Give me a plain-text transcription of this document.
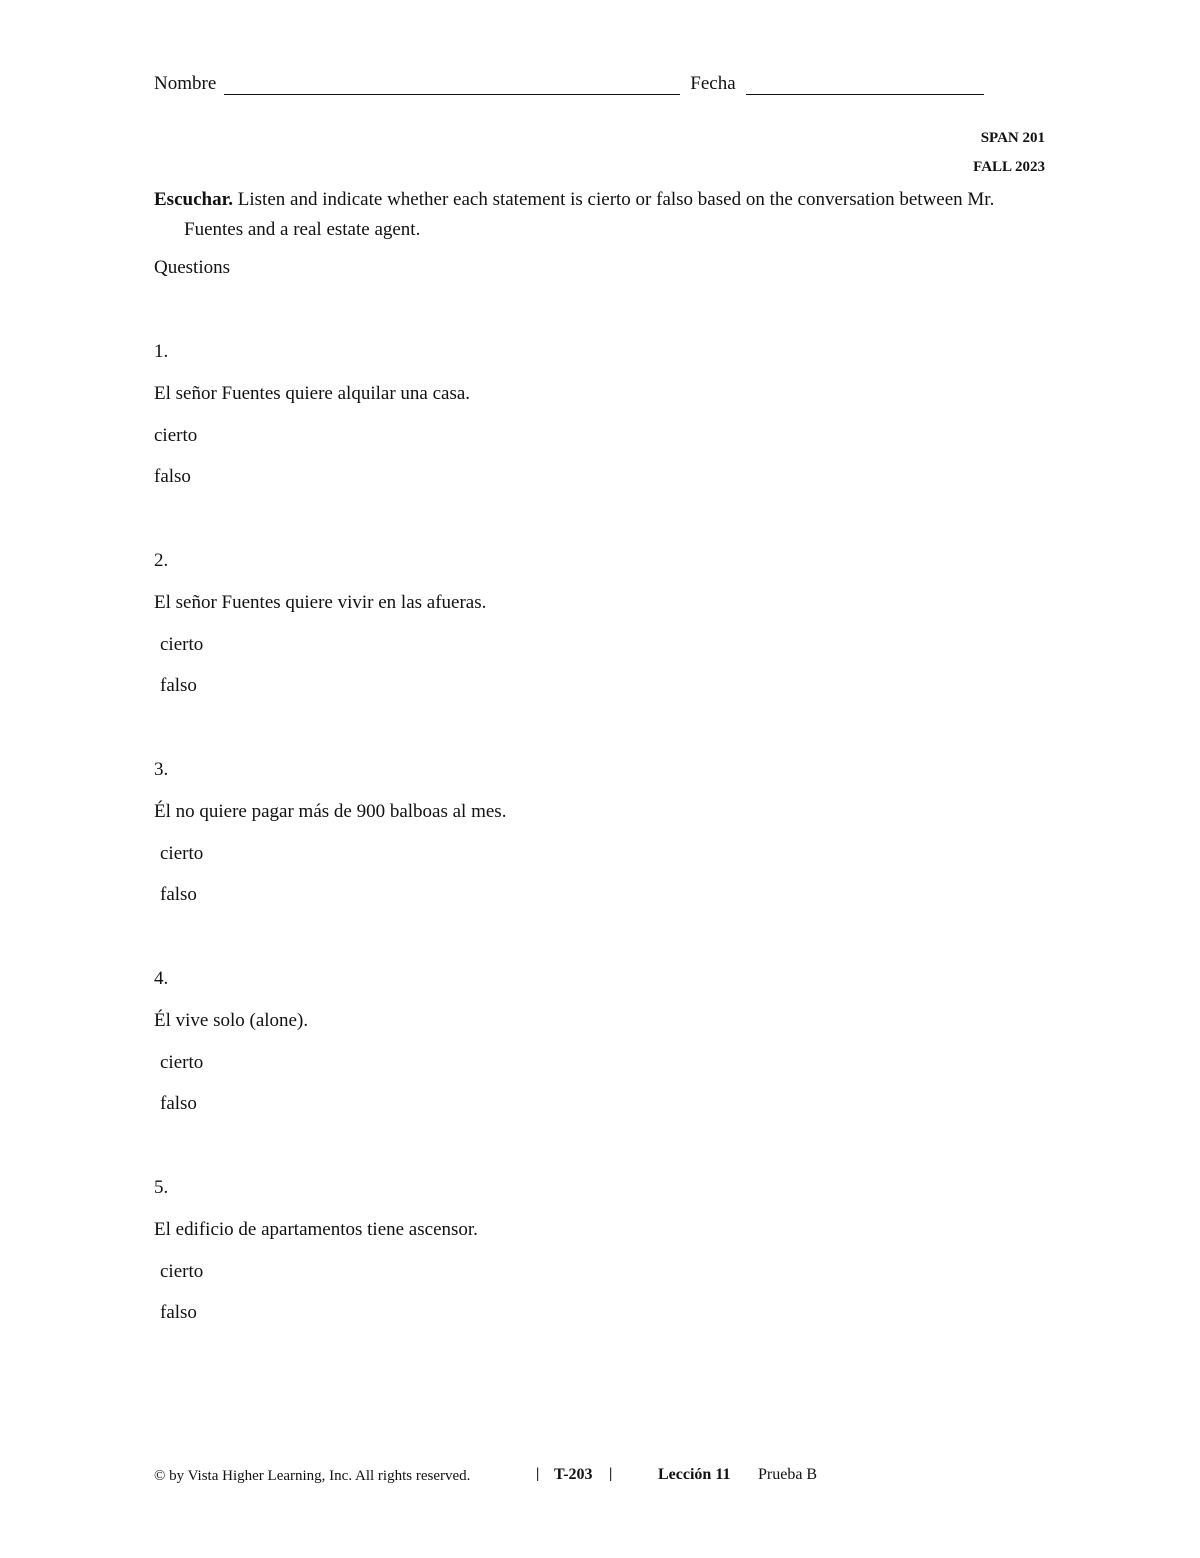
Nombre	Fecha
SPAN 201
FALL 2023
Escuchar. Listen and indicate whether each statement is cierto or falso based on the conversation between Mr. Fuentes and a real estate agent.
Questions
1.
El señor Fuentes quiere alquilar una casa.
cierto
falso
2.
El señor Fuentes quiere vivir en las afueras.
cierto
falso
3.
Él no quiere pagar más de 900 balboas al mes.
cierto
falso
4.
Él vive solo (alone).
cierto
falso
5.
El edificio de apartamentos tiene ascensor.
cierto
falso
© by Vista Higher Learning, Inc. All rights reserved.	| T-203 |	Lección 11 Prueba B
